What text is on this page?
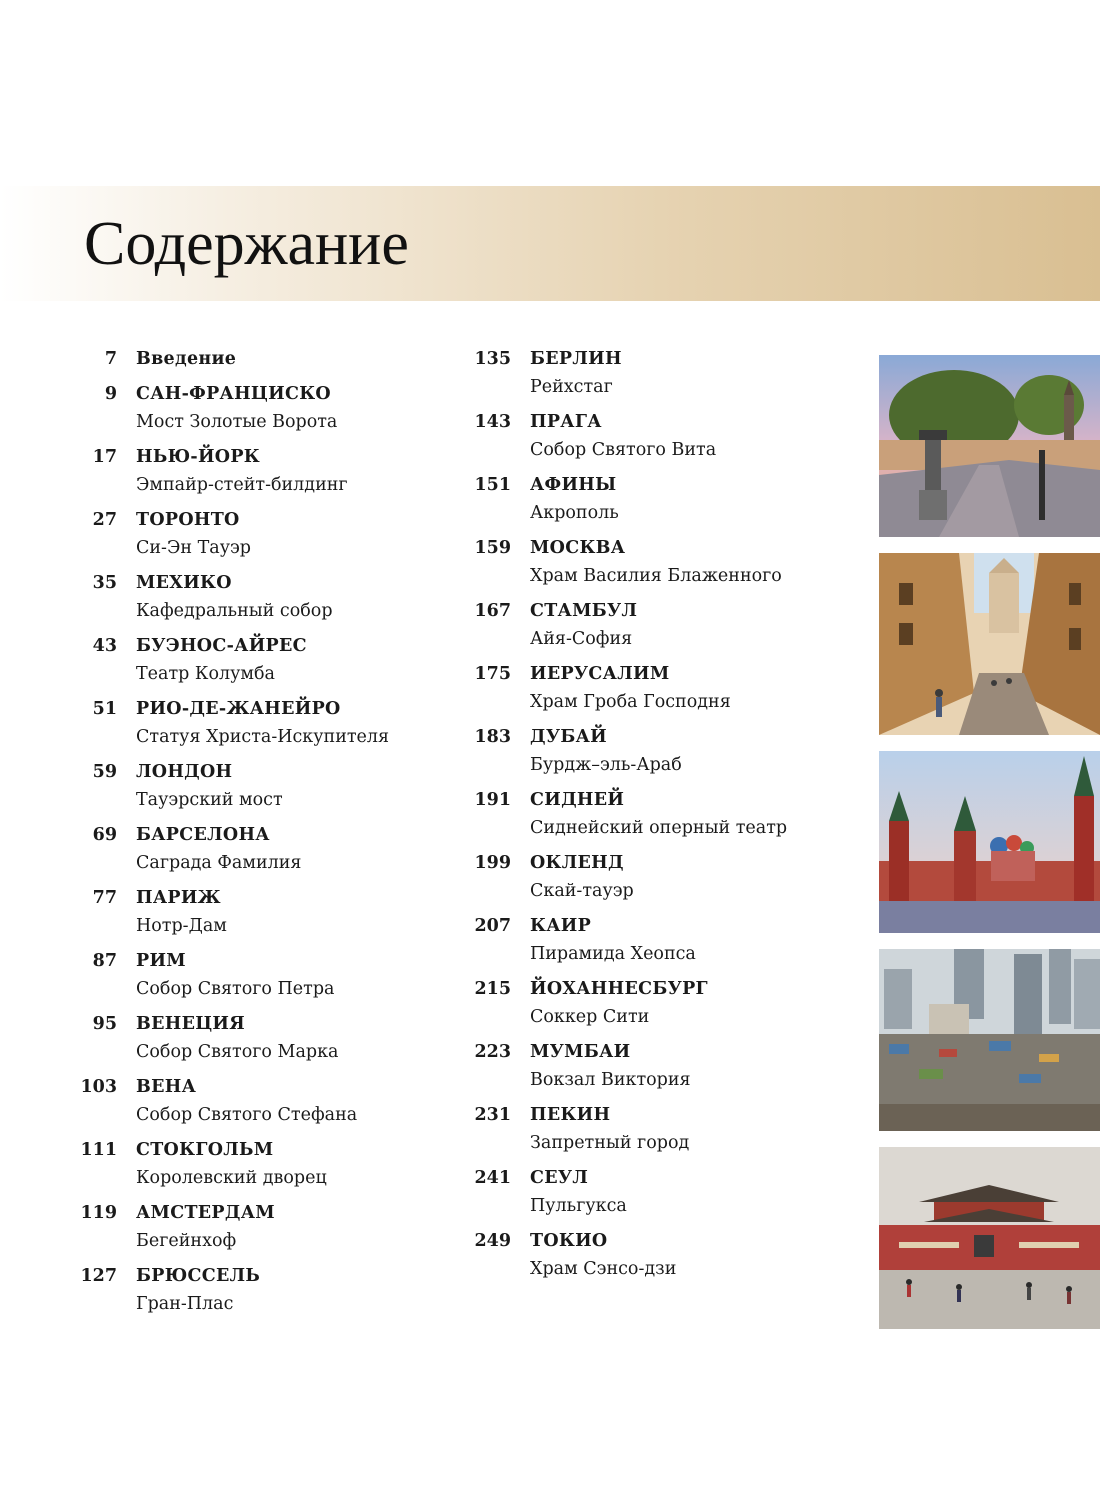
Содержание
7	Введение
9	САН-ФРАНЦИСКО
Мост Золотые Ворота
17	НЬЮ-ЙОРК
Эмпайр-стейт-билдинг
27	ТОРОНТО
Си-Эн Тауэр
35	МЕХИКО
Кафедральный собор
43	БУЭНОС-АЙРЕС
Театр Колумба
51	РИО-ДЕ-ЖАНЕЙРО
Статуя Христа-Искупителя
59	ЛОНДОН
Тауэрский мост
69	БАРСЕЛОНА
Саграда Фамилия
77	ПАРИЖ
Нотр-Дам
87	РИМ
Собор Святого Петра
95	ВЕНЕЦИЯ
Собор Святого Марка
103	ВЕНА
Собор Святого Стефана
111	СТОКГОЛЬМ
Королевский дворец
119	АМСТЕРДАМ
Бегейнхоф
127	БРЮССЕЛЬ
Гран-Плас
135	БЕРЛИН
Рейхстаг
143	ПРАГА
Собор Святого Вита
151	АФИНЫ
Акрополь
159	МОСКВА
Храм Василия Блаженного
167	СТАМБУЛ
Айя-София
175	ИЕРУСАЛИМ
Храм Гроба Господня
183	ДУБАЙ
Бурдж–эль-Араб
191	СИДНЕЙ
Сиднейский оперный театр
199	ОКЛЕНД
Скай-тауэр
207	КАИР
Пирамида Хеопса
215	ЙОХАННЕСБУРГ
Соккер Сити
223	МУМБАИ
Вокзал Виктория
231	ПЕКИН
Запретный город
241	СЕУЛ
Пульгукса
249	ТОКИО
Храм Сэнсо-дзи
